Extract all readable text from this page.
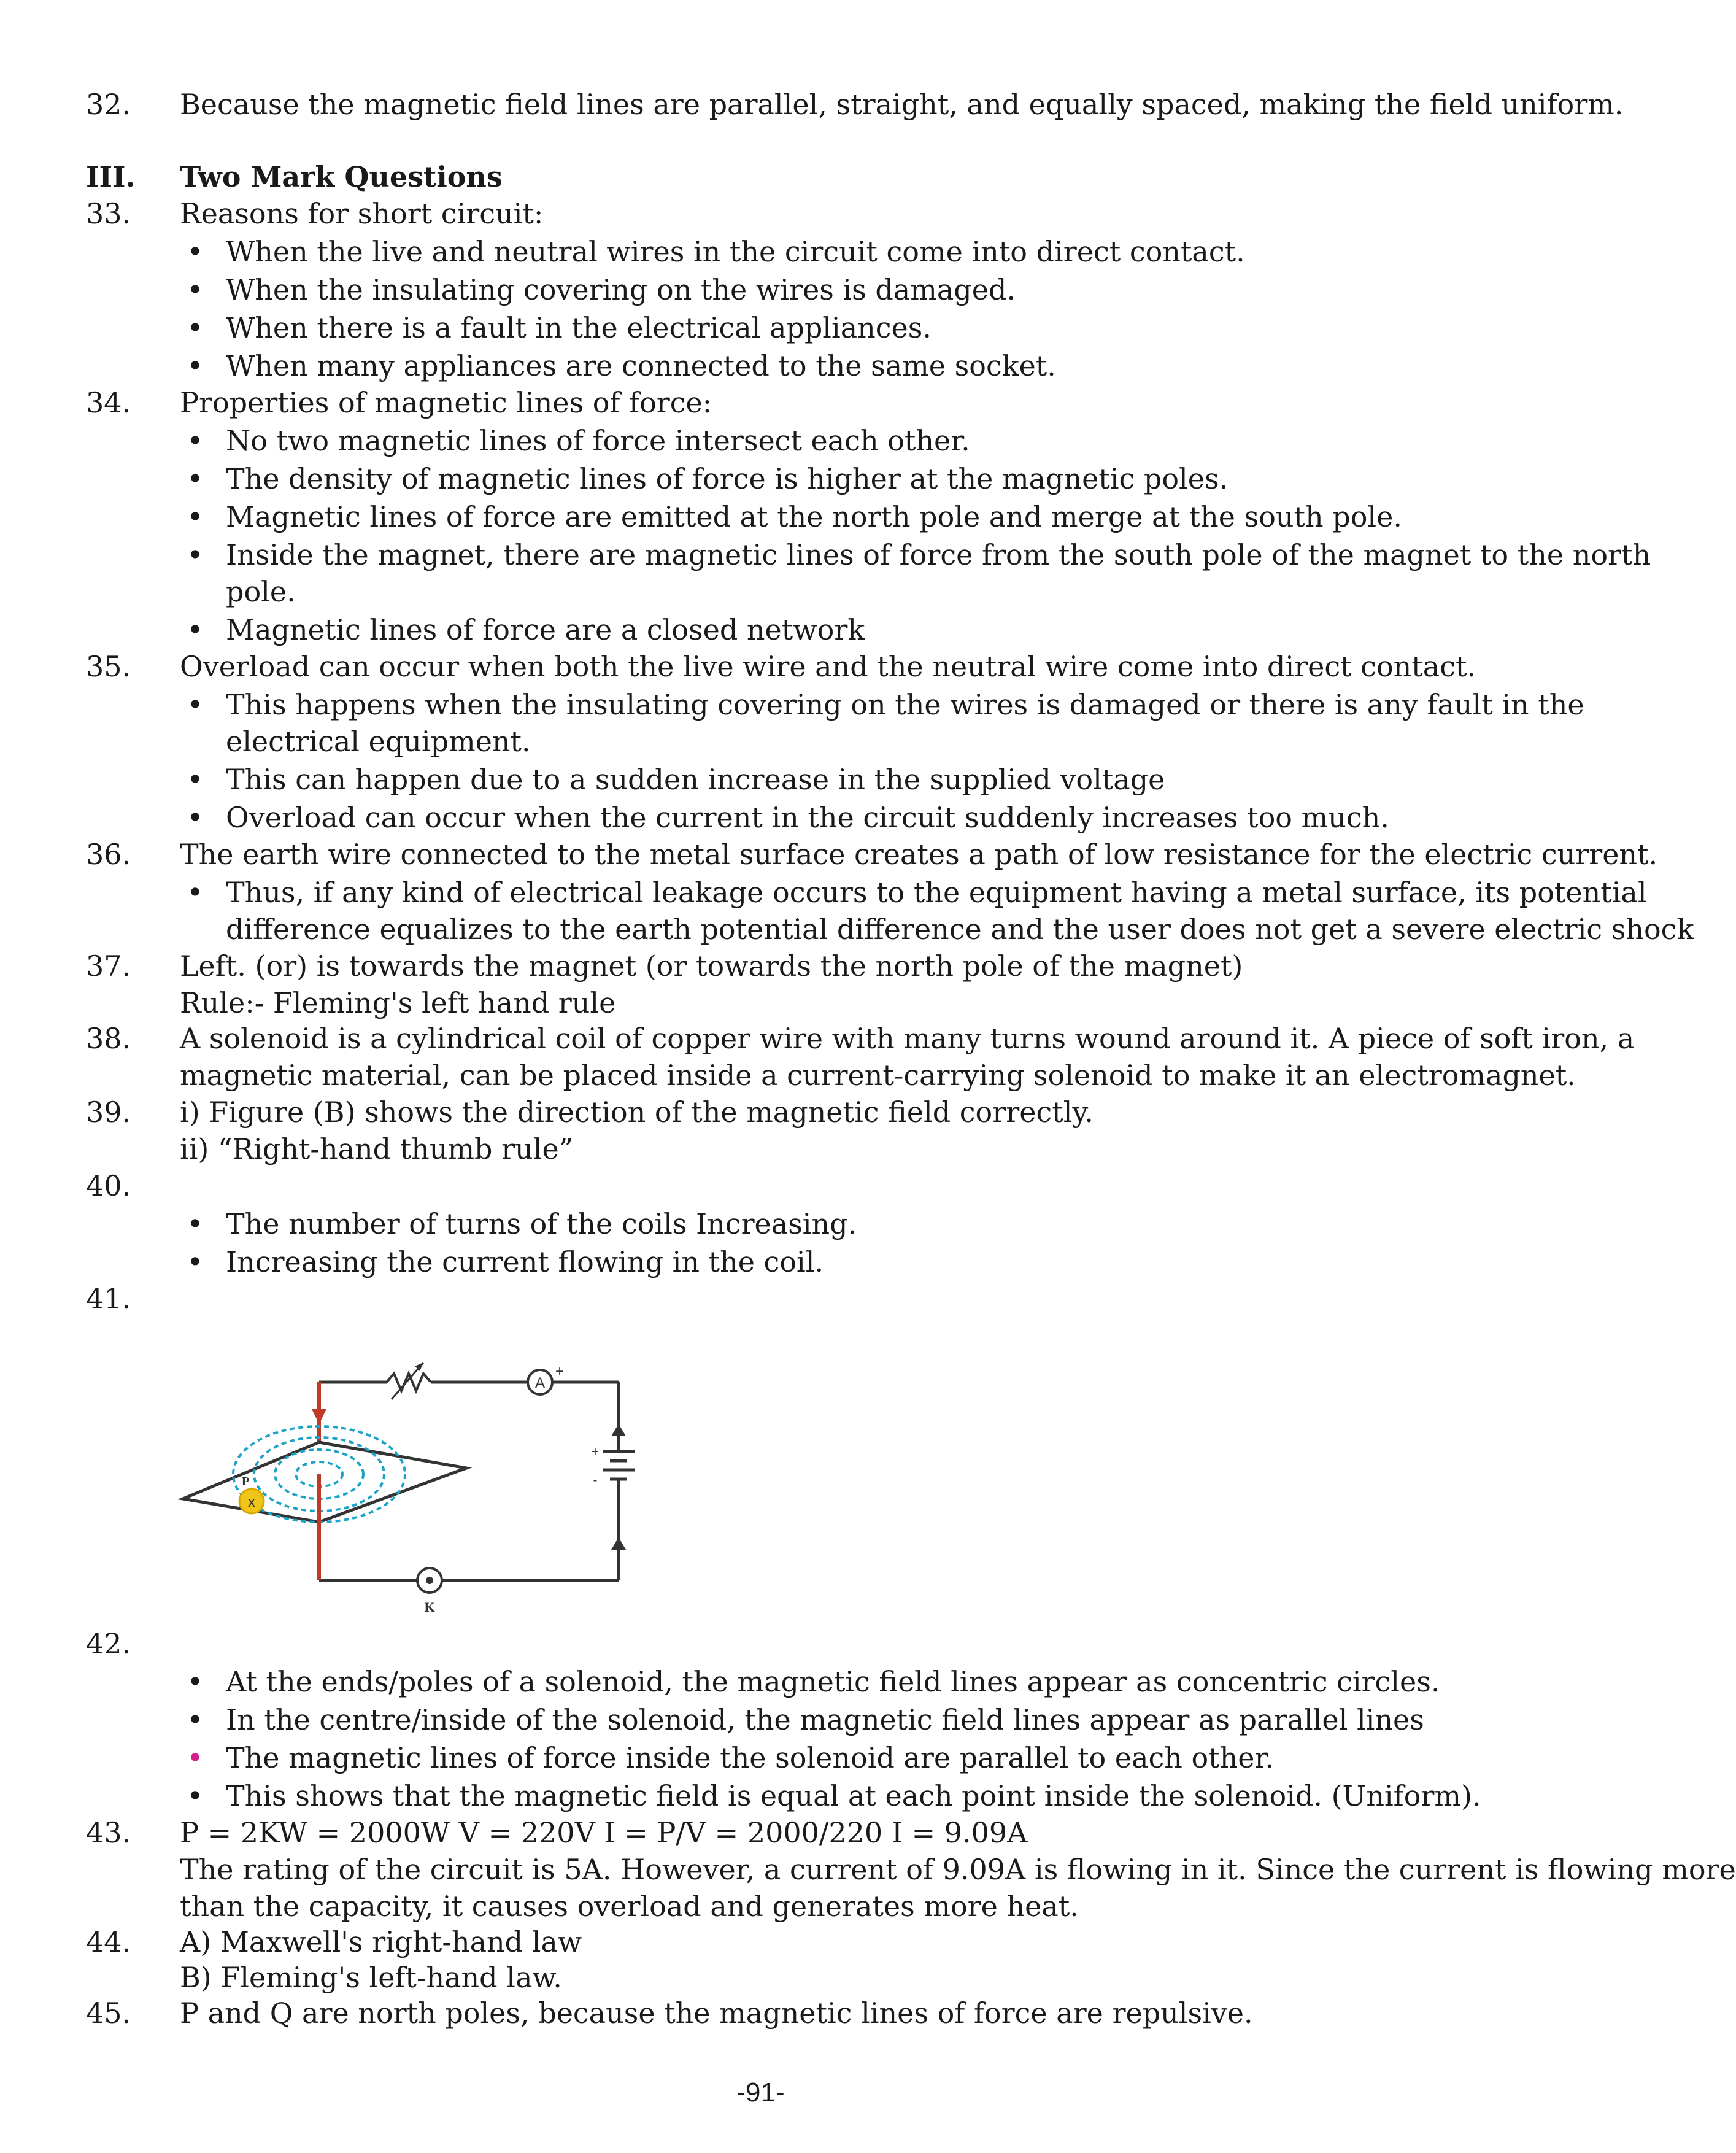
32. Because the magnetic field lines are parallel, straight, and equally spaced, making the field uniform.
III. Two Mark Questions
33. Reasons for short circuit:
• When the live and neutral wires in the circuit come into direct contact.
• When the insulating covering on the wires is damaged.
• When there is a fault in the electrical appliances.
• When many appliances are connected to the same socket.
34. Properties of magnetic lines of force:
• No two magnetic lines of force intersect each other.
• The density of magnetic lines of force is higher at the magnetic poles.
• Magnetic lines of force are emitted at the north pole and merge at the south pole.
• Inside the magnet, there are magnetic lines of force from the south pole of the magnet to the north
pole.
• Magnetic lines of force are a closed network
35. Overload can occur when both the live wire and the neutral wire come into direct contact.
• This happens when the insulating covering on the wires is damaged or there is any fault in the
electrical equipment.
• This can happen due to a sudden increase in the supplied voltage
• Overload can occur when the current in the circuit suddenly increases too much.
36. The earth wire connected to the metal surface creates a path of low resistance for the electric current.
• Thus, if any kind of electrical leakage occurs to the equipment having a metal surface, its potential
difference equalizes to the earth potential difference and the user does not get a severe electric shock
37. Left. (or) is towards the magnet (or towards the north pole of the magnet)
Rule:- Fleming's left hand rule
38. A solenoid is a cylindrical coil of copper wire with many turns wound around it. A piece of soft iron, a
magnetic material, can be placed inside a current-carrying solenoid to make it an electromagnet.
39. i) Figure (B) shows the direction of the magnetic field correctly.
ii) “Right-hand thumb rule”
40.
• The number of turns of the coils Increasing.
• Increasing the current flowing in the coil.
41.
A
+
+
-
K
x
P
42.
• At the ends/poles of a solenoid, the magnetic field lines appear as concentric circles.
• In the centre/inside of the solenoid, the magnetic field lines appear as parallel lines
• The magnetic lines of force inside the solenoid are parallel to each other.
• This shows that the magnetic field is equal at each point inside the solenoid. (Uniform).
43. P = 2KW = 2000W V = 220V I = P/V = 2000/220 I = 9.09A
The rating of the circuit is 5A. However, a current of 9.09A is flowing in it. Since the current is flowing more
than the capacity, it causes overload and generates more heat.
44. A) Maxwell's right-hand law
B) Fleming's left-hand law.
45. P and Q are north poles, because the magnetic lines of force are repulsive.
-91-
